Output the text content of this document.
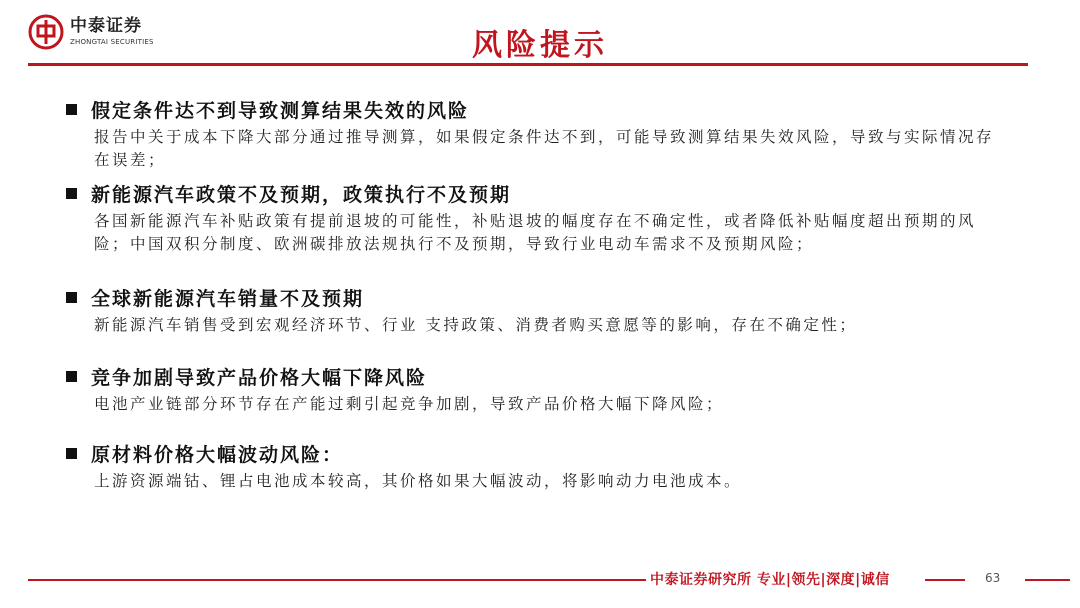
中泰证券
ZHONGTAI SECURITIES	风险提示
假定条件达不到导致测算结果失效的风险
报告中关于成本下降大部分通过推导测算，如果假定条件达不到，可能导致测算结果失效风险，导致与实际情况存在误差；
新能源汽车政策不及预期，政策执行不及预期
各国新能源汽车补贴政策有提前退坡的可能性，补贴退坡的幅度存在不确定性，或者降低补贴幅度超出预期的风险；中国双积分制度、欧洲碳排放法规执行不及预期，导致行业电动车需求不及预期风险；
全球新能源汽车销量不及预期
新能源汽车销售受到宏观经济环节、行业 支持政策、消费者购买意愿等的影响，存在不确定性；
竞争加剧导致产品价格大幅下降风险
电池产业链部分环节存在产能过剩引起竞争加剧，导致产品价格大幅下降风险；
原材料价格大幅波动风险：
上游资源端钴、锂占电池成本较高，其价格如果大幅波动，将影响动力电池成本。
中泰证券研究所 专业|领先|深度|诚信	63
